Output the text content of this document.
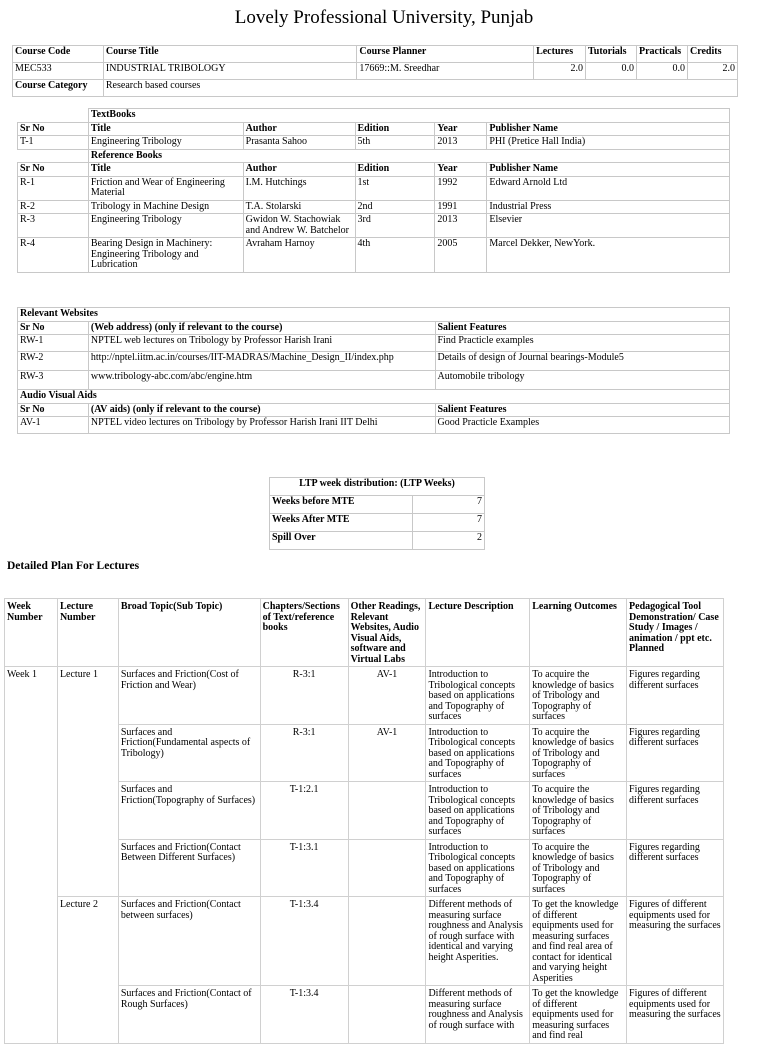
Lovely Professional University, Punjab
Course Code	Course Title	Course Planner	Lectures	Tutorials	Practicals	Credits
MEC533	INDUSTRIAL TRIBOLOGY	17669::M. Sreedhar	2.0	0.0	0.0	2.0
Course Category	Research based courses					
	TextBooks				
Sr No	Title	Author	Edition	Year	Publisher Name
T-1	Engineering Tribology	Prasanta Sahoo	5th	2013	PHI (Pretice Hall India)
	Reference Books				
Sr No	Title	Author	Edition	Year	Publisher Name
R-1	Friction and Wear of Engineering Material	I.M. Hutchings	1st	1992	Edward Arnold Ltd
R-2	Tribology in Machine Design	T.A. Stolarski	2nd	1991	Industrial Press
R-3	Engineering Tribology	Gwidon W. Stachowiak and Andrew W. Batchelor	3rd	2013	Elsevier
R-4	Bearing Design in Machinery: Engineering Tribology and Lubrication	Avraham Harnoy	4th	2005	Marcel Dekker, NewYork.
Relevant Websites		
Sr No	(Web address) (only if relevant to the course)	Salient Features
RW-1	NPTEL web lectures on Tribology by Professor Harish Irani	Find Practicle examples
RW-2	http://nptel.iitm.ac.in/courses/IIT-MADRAS/Machine_Design_II/index.php	Details of design of Journal bearings-Module5
RW-3	www.tribology-abc.com/abc/engine.htm	Automobile tribology
Audio Visual Aids		
Sr No	(AV aids) (only if relevant to the course)	Salient Features
AV-1	NPTEL video lectures on Tribology by Professor Harish Irani IIT Delhi	Good Practicle Examples
LTP week distribution: (LTP Weeks)	
Weeks before MTE	7
Weeks After MTE	7
Spill Over	2
Detailed Plan For Lectures
Week Number	Lecture Number	Broad Topic(Sub Topic)	Chapters/Sections of Text/reference books	Other Readings, Relevant Websites, Audio Visual Aids, software and Virtual Labs	Lecture Description	Learning Outcomes	Pedagogical Tool Demonstration/ Case Study / Images / animation / ppt etc. Planned
Week 1	Lecture 1	Surfaces and Friction(Cost of Friction and Wear)	R-3:1	AV-1	Introduction to Tribological concepts based on applications and Topography of surfaces	To acquire the knowledge of basics of Tribology and Topography of surfaces	Figures regarding different surfaces
		Surfaces and Friction(Fundamental aspects of Tribology)	R-3:1	AV-1	Introduction to Tribological concepts based on applications and Topography of surfaces	To acquire the knowledge of basics of Tribology and Topography of surfaces	Figures regarding different surfaces
		Surfaces and Friction(Topography of Surfaces)	T-1:2.1		Introduction to Tribological concepts based on applications and Topography of surfaces	To acquire the knowledge of basics of Tribology and Topography of surfaces	Figures regarding different surfaces
		Surfaces and Friction(Contact Between Different Surfaces)	T-1:3.1		Introduction to Tribological concepts based on applications and Topography of surfaces	To acquire the knowledge of basics of Tribology and Topography of surfaces	Figures regarding different surfaces
	Lecture 2	Surfaces and Friction(Contact between surfaces)	T-1:3.4		Different methods of measuring surface roughness and Analysis of rough surface with identical and varying height Asperities.	To get the knowledge of different equipments used for measuring surfaces and find real area of contact for identical and varying height Asperities	Figures of different equipments used for measuring the surfaces
		Surfaces and Friction(Contact of Rough Surfaces)	T-1:3.4		Different methods of measuring surface roughness and Analysis of rough surface with	To get the knowledge of different equipments used for measuring surfaces and find real	Figures of different equipments used for measuring the surfaces
